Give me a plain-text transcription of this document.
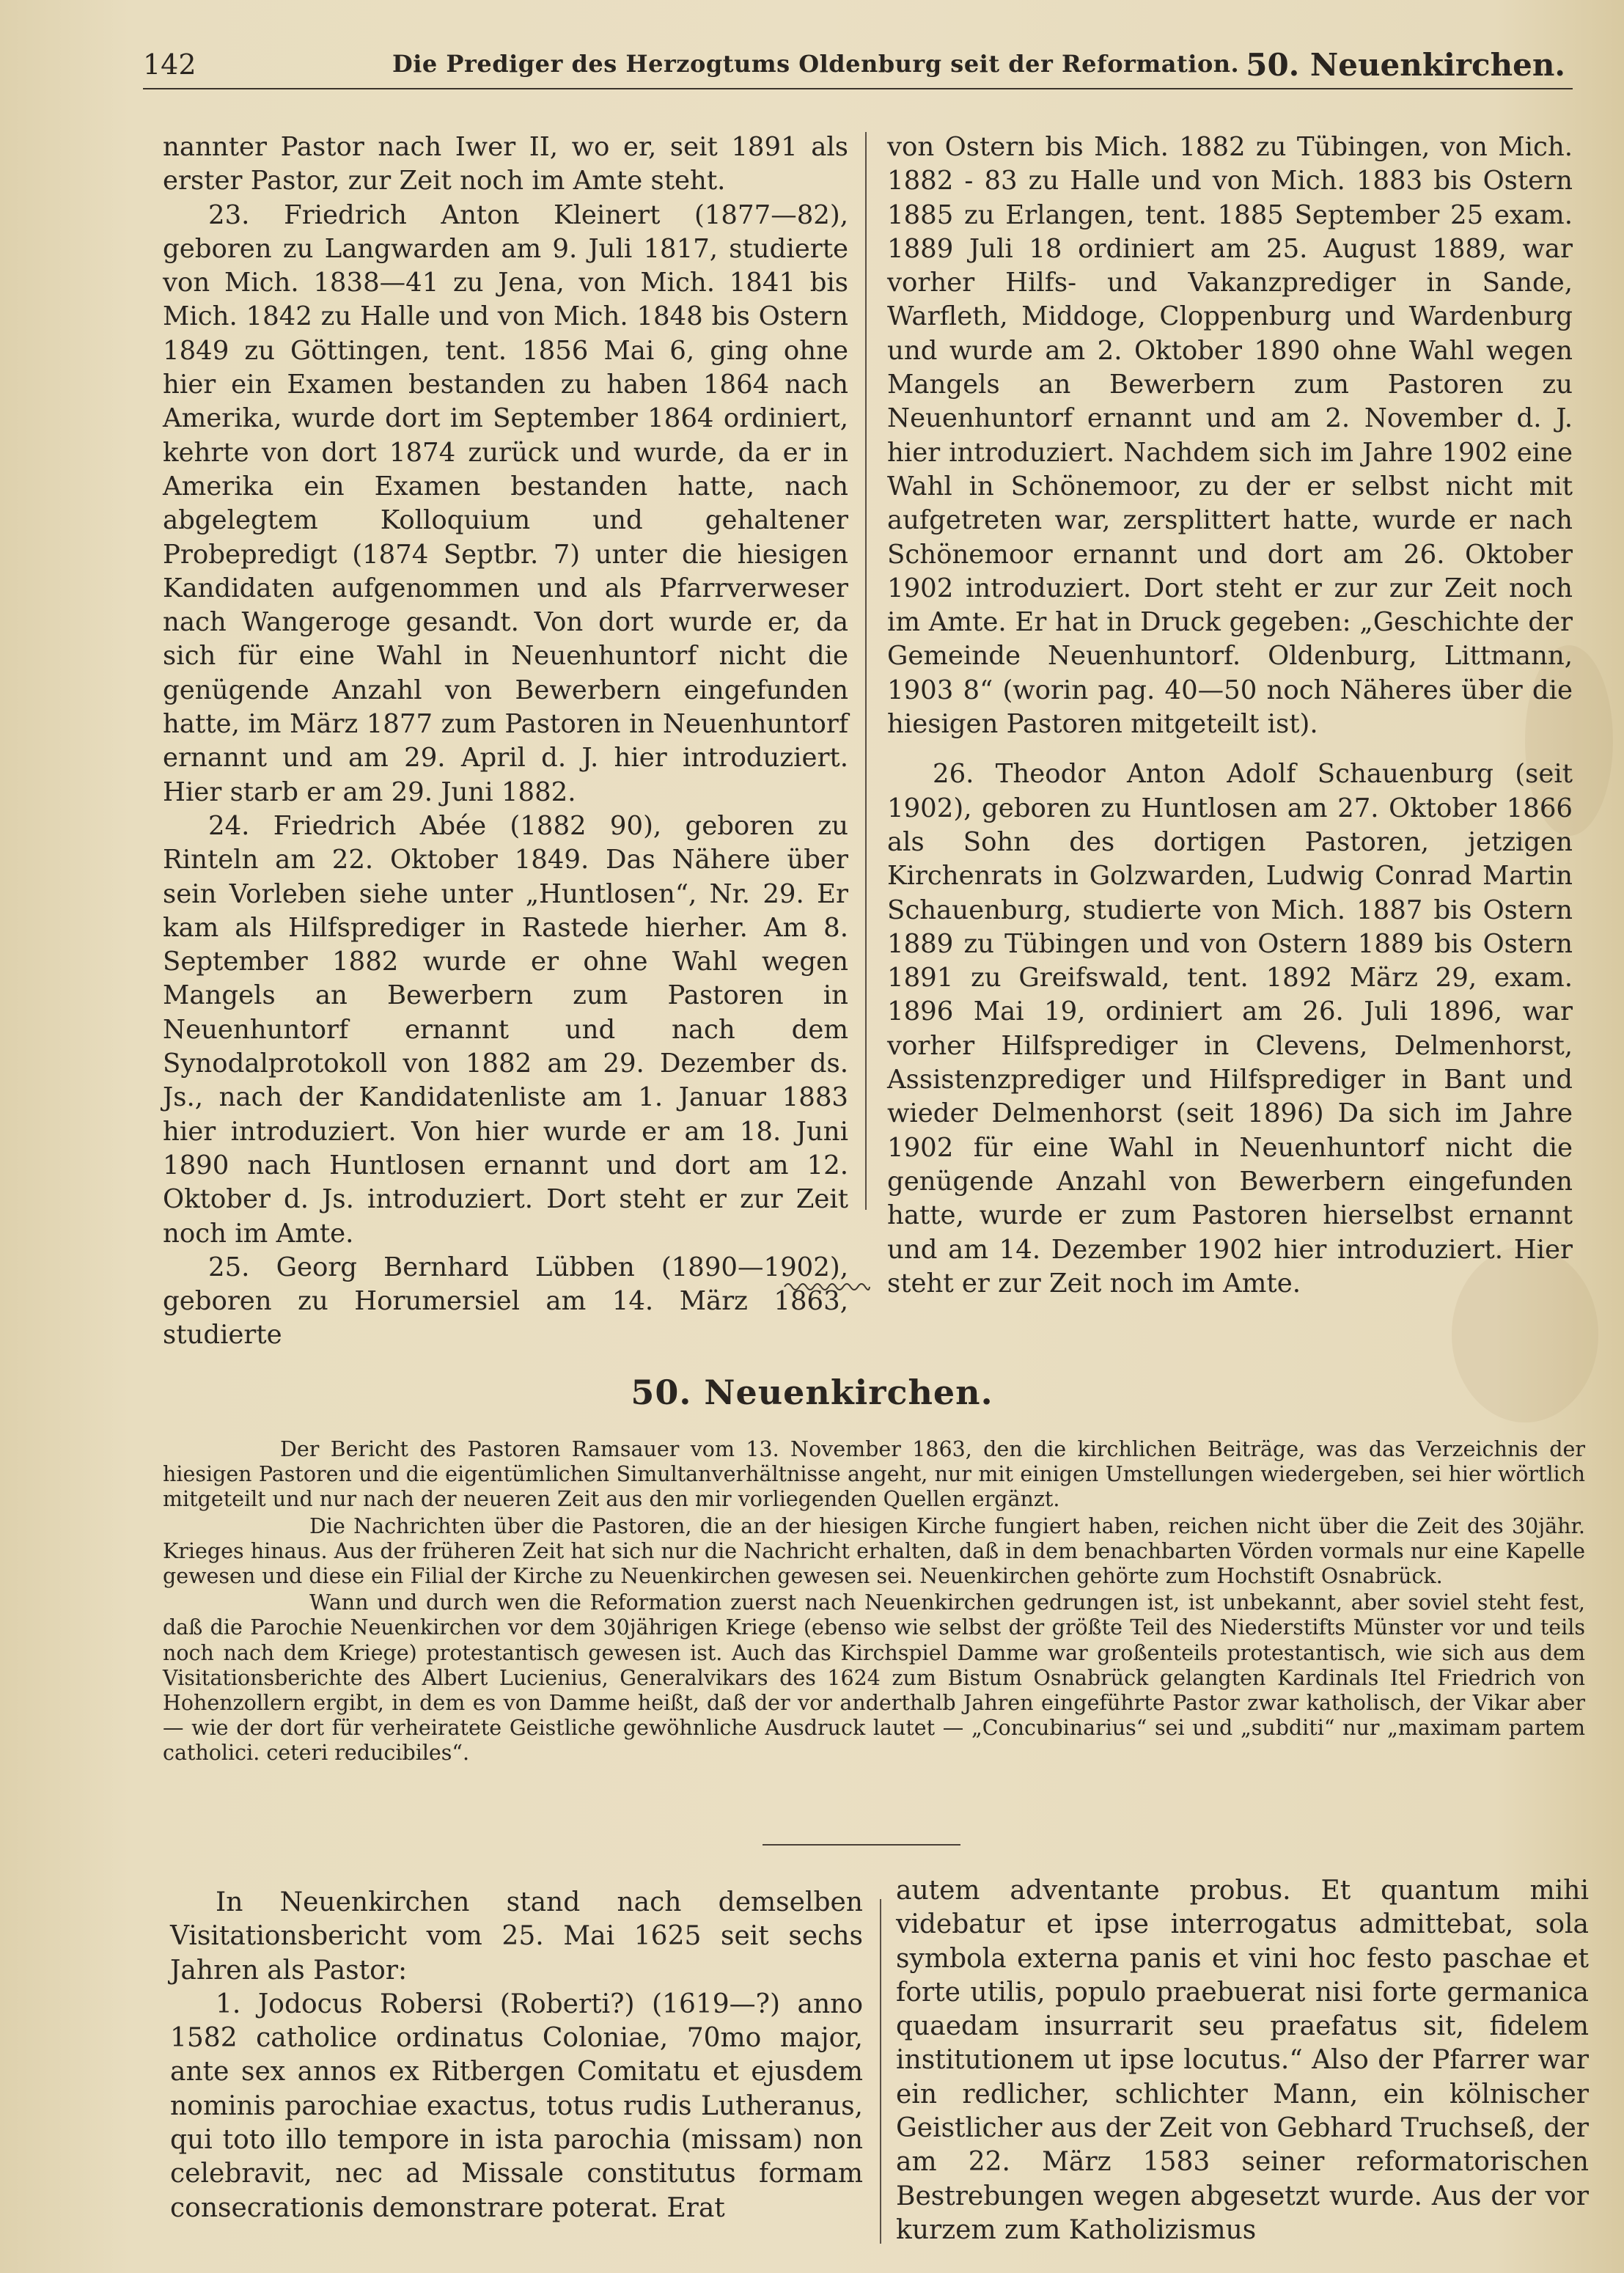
142	Die Prediger des Herzogtums Oldenburg seit der Reformation. 50. Neuenkirchen.

nannter Pastor nach Iwer II, wo er, seit 1891 als erster Pastor, zur Zeit noch im Amte steht.

23. Friedrich Anton Kleinert (1877—82), geboren zu Langwarden am 9. Juli 1817, studierte von Mich. 1838—41 zu Jena, von Mich. 1841 bis Mich. 1842 zu Halle und von Mich. 1848 bis Ostern 1849 zu Göttingen, tent. 1856 Mai 6, ging ohne hier ein Examen bestanden zu haben 1864 nach Amerika, wurde dort im September 1864 ordiniert, kehrte von dort 1874 zurück und wurde, da er in Amerika ein Examen bestanden hatte, nach abgelegtem Kolloquium und gehaltener Probepredigt (1874 Septbr. 7) unter die hiesigen Kandidaten aufgenommen und als Pfarrverweser nach Wangeroge gesandt. Von dort wurde er, da sich für eine Wahl in Neuenhuntorf nicht die genügende Anzahl von Bewerbern eingefunden hatte, im März 1877 zum Pastoren in Neuenhuntorf ernannt und am 29. April d. J. hier introduziert. Hier starb er am 29. Juni 1882.

24. Friedrich Abée (1882 90), geboren zu Rinteln am 22. Oktober 1849. Das Nähere über sein Vorleben siehe unter „Huntlosen“, Nr. 29. Er kam als Hilfsprediger in Rastede hierher. Am 8. September 1882 wurde er ohne Wahl wegen Mangels an Bewerbern zum Pastoren in Neuenhuntorf ernannt und nach dem Synodalprotokoll von 1882 am 29. Dezember ds. Js., nach der Kandidatenliste am 1. Januar 1883 hier introduziert. Von hier wurde er am 18. Juni 1890 nach Huntlosen ernannt und dort am 12. Oktober d. Js. introduziert. Dort steht er zur Zeit noch im Amte.

25. Georg Bernhard Lübben (1890—1902), geboren zu Horumersiel am 14. März 1863, studierte

von Ostern bis Mich. 1882 zu Tübingen, von Mich. 1882 - 83 zu Halle und von Mich. 1883 bis Ostern 1885 zu Erlangen, tent. 1885 September 25 exam. 1889 Juli 18 ordiniert am 25. August 1889, war vorher Hilfs- und Vakanzprediger in Sande, Warfleth, Middoge, Cloppenburg und Wardenburg und wurde am 2. Oktober 1890 ohne Wahl wegen Mangels an Bewerbern zum Pastoren zu Neuenhuntorf ernannt und am 2. November d. J. hier introduziert. Nachdem sich im Jahre 1902 eine Wahl in Schönemoor, zu der er selbst nicht mit aufgetreten war, zersplittert hatte, wurde er nach Schönemoor ernannt und dort am 26. Oktober 1902 introduziert. Dort steht er zur zur Zeit noch im Amte. Er hat in Druck gegeben: „Geschichte der Gemeinde Neuenhuntorf. Oldenburg, Littmann, 1903 8“ (worin pag. 40—50 noch Näheres über die hiesigen Pastoren mitgeteilt ist).

26. Theodor Anton Adolf Schauenburg (seit 1902), geboren zu Huntlosen am 27. Oktober 1866 als Sohn des dortigen Pastoren, jetzigen Kirchenrats in Golzwarden, Ludwig Conrad Martin Schauenburg, studierte von Mich. 1887 bis Ostern 1889 zu Tübingen und von Ostern 1889 bis Ostern 1891 zu Greifswald, tent. 1892 März 29, exam. 1896 Mai 19, ordiniert am 26. Juli 1896, war vorher Hilfsprediger in Clevens, Delmenhorst, Assistenzprediger und Hilfsprediger in Bant und wieder Delmenhorst (seit 1896) Da sich im Jahre 1902 für eine Wahl in Neuenhuntorf nicht die genügende Anzahl von Bewerbern eingefunden hatte, wurde er zum Pastoren hierselbst ernannt und am 14. Dezember 1902 hier introduziert. Hier steht er zur Zeit noch im Amte.

50. Neuenkirchen.

Der Bericht des Pastoren Ramsauer vom 13. November 1863, den die kirchlichen Beiträge, was das Verzeichnis der hiesigen Pastoren und die eigentümlichen Simultanverhältnisse angeht, nur mit einigen Umstellungen wiedergeben, sei hier wörtlich mitgeteilt und nur nach der neueren Zeit aus den mir vorliegenden Quellen ergänzt.

Die Nachrichten über die Pastoren, die an der hiesigen Kirche fungiert haben, reichen nicht über die Zeit des 30jähr. Krieges hinaus. Aus der früheren Zeit hat sich nur die Nachricht erhalten, daß in dem benachbarten Vörden vormals nur eine Kapelle gewesen und diese ein Filial der Kirche zu Neuenkirchen gewesen sei. Neuenkirchen gehörte zum Hochstift Osnabrück.

Wann und durch wen die Reformation zuerst nach Neuenkirchen gedrungen ist, ist unbekannt, aber soviel steht fest, daß die Parochie Neuenkirchen vor dem 30jährigen Kriege (ebenso wie selbst der größte Teil des Niederstifts Münster vor und teils noch nach dem Kriege) protestantisch gewesen ist. Auch das Kirchspiel Damme war großenteils protestantisch, wie sich aus dem Visitationsberichte des Albert Lucienius, Generalvikars des 1624 zum Bistum Osnabrück gelangten Kardinals Itel Friedrich von Hohenzollern ergibt, in dem es von Damme heißt, daß der vor anderthalb Jahren eingeführte Pastor zwar katholisch, der Vikar aber — wie der dort für verheiratete Geistliche gewöhnliche Ausdruck lautet — „Concubinarius“ sei und „subditi“ nur „maximam partem catholici. ceteri reducibiles“.

In Neuenkirchen stand nach demselben Visitationsbericht vom 25. Mai 1625 seit sechs Jahren als Pastor:

1. Jodocus Robersi (Roberti?) (1619—?) anno 1582 catholice ordinatus Coloniae, 70mo major, ante sex annos ex Ritbergen Comitatu et ejusdem nominis parochiae exactus, totus rudis Lutheranus, qui toto illo tempore in ista parochia (missam) non celebravit, nec ad Missale constitutus formam consecrationis demonstrare poterat. Erat

autem adventante probus. Et quantum mihi videbatur et ipse interrogatus admittebat, sola symbola externa panis et vini hoc festo paschae et forte utilis, populo praebuerat nisi forte germanica quaedam insurrarit seu praefatus sit, fidelem institutionem ut ipse locutus.“ Also der Pfarrer war ein redlicher, schlichter Mann, ein kölnischer Geistlicher aus der Zeit von Gebhard Truchseß, der am 22. März 1583 seiner reformatorischen Bestrebungen wegen abgesetzt wurde. Aus der vor kurzem zum Katholizismus
